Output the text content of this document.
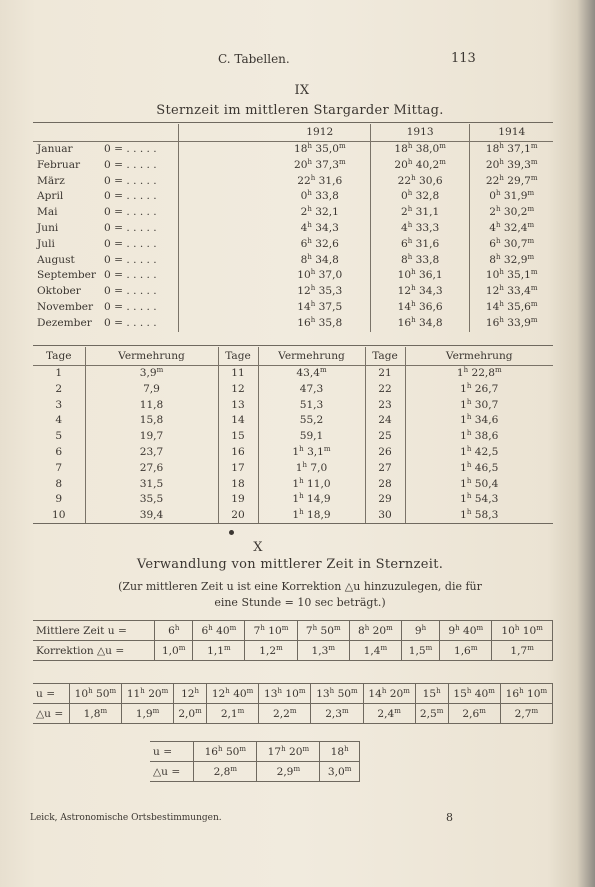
C. Tabellen.	113
IX
Sternzeit im mittleren Stargarder Mittag.
			1912	1913	1914
Januar	0 = . . . . .		18$^h$ 35,0$^m$	18$^h$ 38,0$^m$	18$^h$ 37,1$^m$
Februar	0 = . . . . .		20$^h$ 37,3$^m$	20$^h$ 40,2$^m$	20$^h$ 39,3$^m$
März	0 = . . . . .		22$^h$ 31,6	22$^h$ 30,6	22$^h$ 29,7$^m$
April	0 = . . . . .		0$^h$ 33,8	0$^h$ 32,8	0$^h$ 31,9$^m$
Mai	0 = . . . . .		2$^h$ 32,1	2$^h$ 31,1	2$^h$ 30,2$^m$
Juni	0 = . . . . .		4$^h$ 34,3	4$^h$ 33,3	4$^h$ 32,4$^m$
Juli	0 = . . . . .		6$^h$ 32,6	6$^h$ 31,6	6$^h$ 30,7$^m$
August	0 = . . . . .		8$^h$ 34,8	8$^h$ 33,8	8$^h$ 32,9$^m$
September	0 = . . . . .		10$^h$ 37,0	10$^h$ 36,1	10$^h$ 35,1$^m$
Oktober	0 = . . . . .		12$^h$ 35,3	12$^h$ 34,3	12$^h$ 33,4$^m$
November	0 = . . . . .		14$^h$ 37,5	14$^h$ 36,6	14$^h$ 35,6$^m$
Dezember	0 = . . . . .		16$^h$ 35,8	16$^h$ 34,8	16$^h$ 33,9$^m$
Tage	Vermehrung	Tage	Vermehrung	Tage	Vermehrung
1	3,9$^m$	11	43,4$^m$	21	1$^h$ 22,8$^m$
2	7,9	12	47,3	22	1$^h$ 26,7
3	11,8	13	51,3	23	1$^h$ 30,7
4	15,8	14	55,2	24	1$^h$ 34,6
5	19,7	15	59,1	25	1$^h$ 38,6
6	23,7	16	1$^h$ 3,1$^m$	26	1$^h$ 42,5
7	27,6	17	1$^h$ 7,0	27	1$^h$ 46,5
8	31,5	18	1$^h$ 11,0	28	1$^h$ 50,4
9	35,5	19	1$^h$ 14,9	29	1$^h$ 54,3
10	39,4	20	1$^h$ 18,9	30	1$^h$ 58,3
X
Verwandlung von mittlerer Zeit in Sternzeit.
(Zur mittleren Zeit u ist eine Korrektion △u hinzuzulegen, die für
eine Stunde = 10 sec beträgt.)
Mittlere Zeit u =	$6^h$	6$^h$ 40$^m$	7$^h$ 10$^m$	7$^h$ 50$^m$	8$^h$ 20$^m$	9$^h$	9$^h$ 40$^m$	10$^h$ 10$^m$
Korrektion △u =	$1,0^m$	1,1$^m$	1,2$^m$	1,3$^m$	1,4$^m$	1,5$^m$	1,6$^m$	1,7$^m$
u =	$10^h$ 50$^m$	11$^h$ 20$^m$	12$^h$	12$^h$ 40$^m$	13$^h$ 10$^m$	13$^h$ 50$^m$	14$^h$ 20$^m$	15$^h$	15$^h$ 40$^m$	16$^h$ 10$^m$
△u =	$1,8^m$	1,9$^m$	2,0$^m$	2,1$^m$	2,2$^m$	2,3$^m$	2,4$^m$	2,5$^m$	2,6$^m$	2,7$^m$
u =	$16^h$ 50$^m$	17$^h$ 20$^m$	18$^h$
△u =	$2,8^m$	2,9$^m$	3,0$^m$
Leick, Astronomische Ortsbestimmungen.	8
